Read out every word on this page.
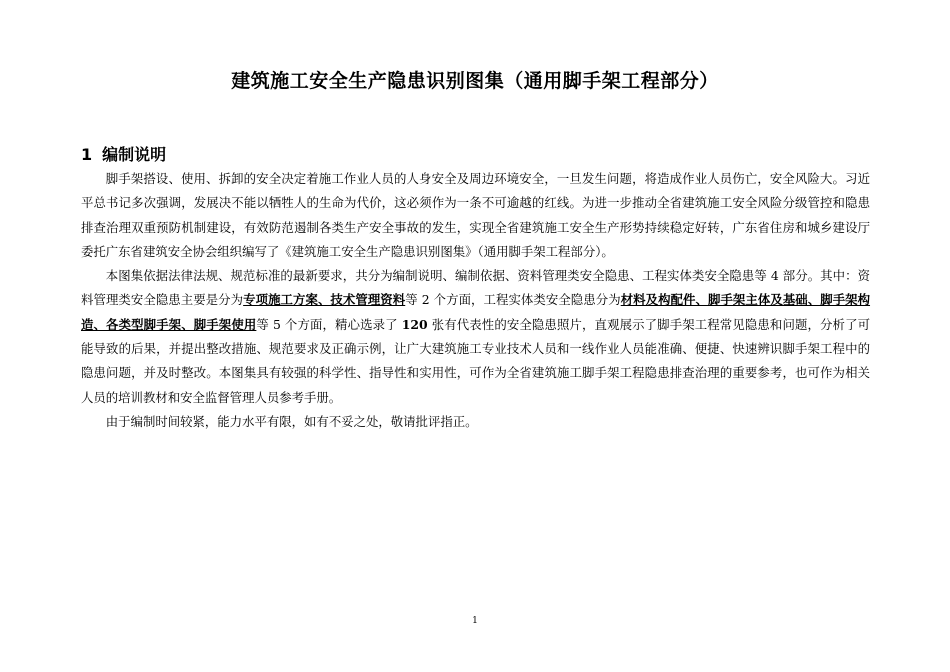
建筑施工安全生产隐患识别图集（通用脚手架工程部分）
1 编制说明

脚手架搭设、使用、拆卸的安全决定着施工作业人员的人身安全及周边环境安全，一旦发生问题，将造成作业人员伤亡，安全风险大。习近平总书记多次强调，发展决不能以牺牲人的生命为代价，这必须作为一条不可逾越的红线。为进一步推动全省建筑施工安全风险分级管控和隐患排查治理双重预防机制建设，有效防范遏制各类生产安全事故的发生，实现全省建筑施工安全生产形势持续稳定好转，广东省住房和城乡建设厅委托广东省建筑安全协会组织编写了《建筑施工安全生产隐患识别图集》（通用脚手架工程部分）。

本图集依据法律法规、规范标准的最新要求，共分为编制说明、编制依据、资料管理类安全隐患、工程实体类安全隐患等 4 部分。其中：资料管理类安全隐患主要是分为专项施工方案、技术管理资料等 2 个方面，工程实体类安全隐患分为材料及构配件、脚手架主体及基础、脚手架构造、各类型脚手架、脚手架使用等 5 个方面，精心选录了 120 张有代表性的安全隐患照片，直观展示了脚手架工程常见隐患和问题，分析了可能导致的后果，并提出整改措施、规范要求及正确示例，让广大建筑施工专业技术人员和一线作业人员能准确、便捷、快速辨识脚手架工程中的隐患问题，并及时整改。本图集具有较强的科学性、指导性和实用性，可作为全省建筑施工脚手架工程隐患排查治理的重要参考，也可作为相关人员的培训教材和安全监督管理人员参考手册。

由于编制时间较紧，能力水平有限，如有不妥之处，敬请批评指正。

1
